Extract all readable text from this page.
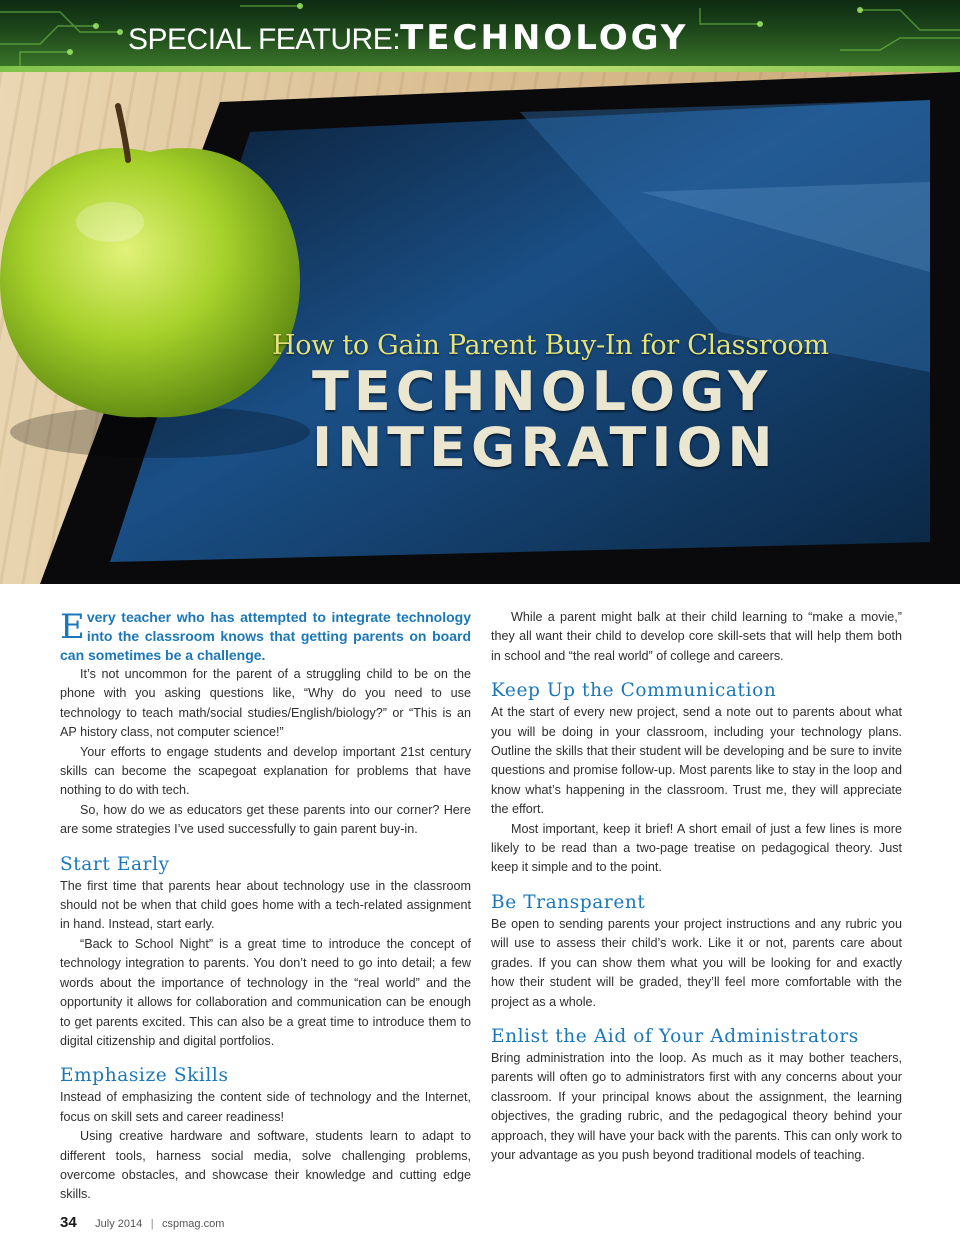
SPECIAL FEATURE:TECHNOLOGY
How to Gain Parent Buy-In for Classroom
TECHNOLOGY
INTEGRATION

Every teacher who has attempted to integrate technology into the classroom knows that getting parents on board can sometimes be a challenge.

It’s not uncommon for the parent of a struggling child to be on the phone with you asking questions like, “Why do you need to use technology to teach math/social studies/English/biology?” or “This is an AP history class, not computer science!”

Your efforts to engage students and develop important 21st century skills can become the scapegoat explanation for problems that have nothing to do with tech.

So, how do we as educators get these parents into our corner? Here are some strategies I’ve used successfully to gain parent buy-in.

Start Early

The first time that parents hear about technology use in the classroom should not be when that child goes home with a tech-related assignment in hand. Instead, start early.

“Back to School Night” is a great time to introduce the concept of technology integration to parents. You don’t need to go into detail; a few words about the importance of technology in the “real world” and the opportunity it allows for collaboration and communication can be enough to get parents excited. This can also be a great time to introduce them to digital citizenship and digital portfolios.

Emphasize Skills

Instead of emphasizing the content side of technology and the Internet, focus on skill sets and career readiness!

Using creative hardware and software, students learn to adapt to different tools, harness social media, solve challenging problems, overcome obstacles, and showcase their knowledge and cutting edge skills.

While a parent might balk at their child learning to “make a movie,” they all want their child to develop core skill-sets that will help them both in school and “the real world” of college and careers.

Keep Up the Communication

At the start of every new project, send a note out to parents about what you will be doing in your classroom, including your technology plans. Outline the skills that their student will be developing and be sure to invite questions and promise follow-up. Most parents like to stay in the loop and know what’s happening in the classroom. Trust me, they will appreciate the effort.

Most important, keep it brief! A short email of just a few lines is more likely to be read than a two-page treatise on pedagogical theory. Just keep it simple and to the point.

Be Transparent

Be open to sending parents your project instructions and any rubric you will use to assess their child’s work. Like it or not, parents care about grades. If you can show them what you will be looking for and exactly how their student will be graded, they’ll feel more comfortable with the project as a whole.

Enlist the Aid of Your Administrators

Bring administration into the loop. As much as it may bother teachers, parents will often go to administrators first with any concerns about your classroom. If your principal knows about the assignment, the learning objectives, the grading rubric, and the pedagogical theory behind your approach, they will have your back with the parents. This can only work to your advantage as you push beyond traditional models of teaching.

34 July 2014 | cspmag.com
